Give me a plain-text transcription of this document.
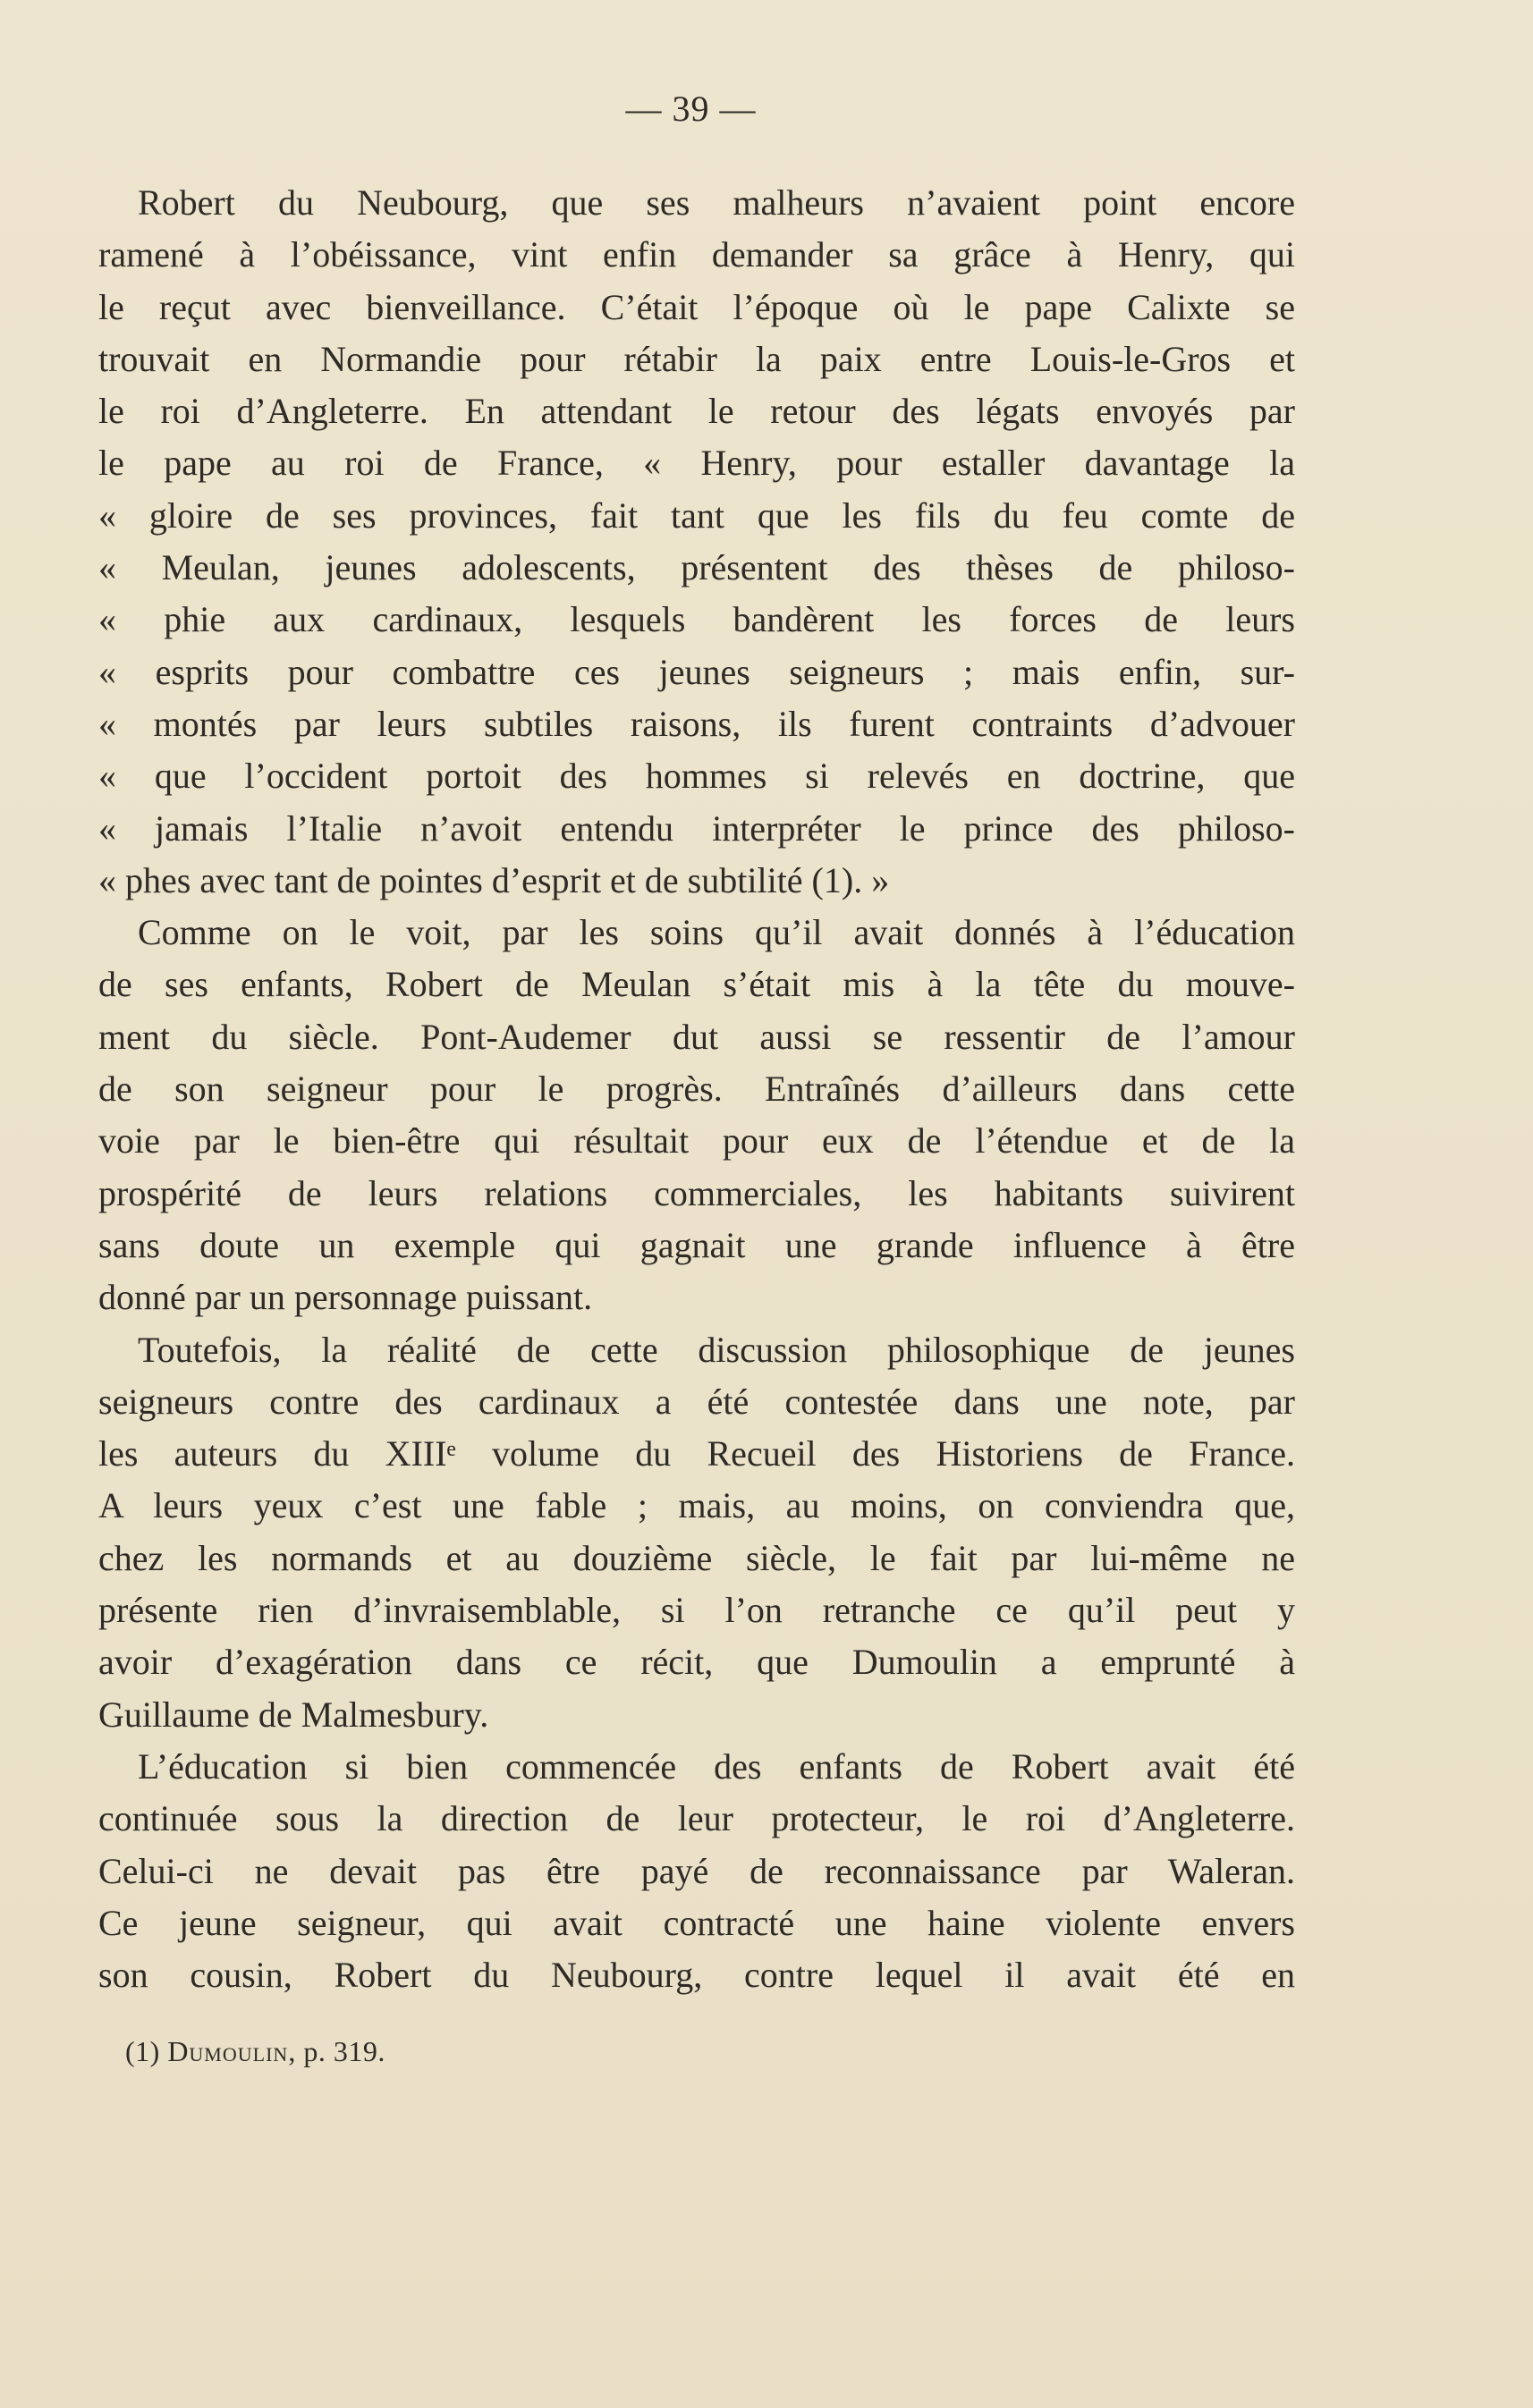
— 39 —
Robert du Neubourg, que ses malheurs n’avaient point encore
ramené à l’obéissance, vint enfin demander sa grâce à Henry, qui
le reçut avec bienveillance. C’était l’époque où le pape Calixte se
trouvait en Normandie pour rétabir la paix entre Louis-le-Gros et
le roi d’Angleterre. En attendant le retour des légats envoyés par
le pape au roi de France, « Henry, pour estaller davantage la
« gloire de ses provinces, fait tant que les fils du feu comte de
« Meulan, jeunes adolescents, présentent des thèses de philoso-
« phie aux cardinaux, lesquels bandèrent les forces de leurs
« esprits pour combattre ces jeunes seigneurs ; mais enfin, sur-
« montés par leurs subtiles raisons, ils furent contraints d’advouer
« que l’occident portoit des hommes si relevés en doctrine, que
« jamais l’Italie n’avoit entendu interpréter le prince des philoso-
« phes avec tant de pointes d’esprit et de subtilité (1). »
Comme on le voit, par les soins qu’il avait donnés à l’éducation
de ses enfants, Robert de Meulan s’était mis à la tête du mouve-
ment du siècle. Pont-Audemer dut aussi se ressentir de l’amour
de son seigneur pour le progrès. Entraînés d’ailleurs dans cette
voie par le bien-être qui résultait pour eux de l’étendue et de la
prospérité de leurs relations commerciales, les habitants suivirent
sans doute un exemple qui gagnait une grande influence à être
donné par un personnage puissant.
Toutefois, la réalité de cette discussion philosophique de jeunes
seigneurs contre des cardinaux a été contestée dans une note, par
les auteurs du XIIIᵉ volume du Recueil des Historiens de France.
A leurs yeux c’est une fable ; mais, au moins, on conviendra que,
chez les normands et au douzième siècle, le fait par lui-même ne
présente rien d’invraisemblable, si l’on retranche ce qu’il peut y
avoir d’exagération dans ce récit, que Dumoulin a emprunté à
Guillaume de Malmesbury.
L’éducation si bien commencée des enfants de Robert avait été
continuée sous la direction de leur protecteur, le roi d’Angleterre.
Celui-ci ne devait pas être payé de reconnaissance par Waleran.
Ce jeune seigneur, qui avait contracté une haine violente envers
son cousin, Robert du Neubourg, contre lequel il avait été en
(1) Dumoulin, p. 319.
